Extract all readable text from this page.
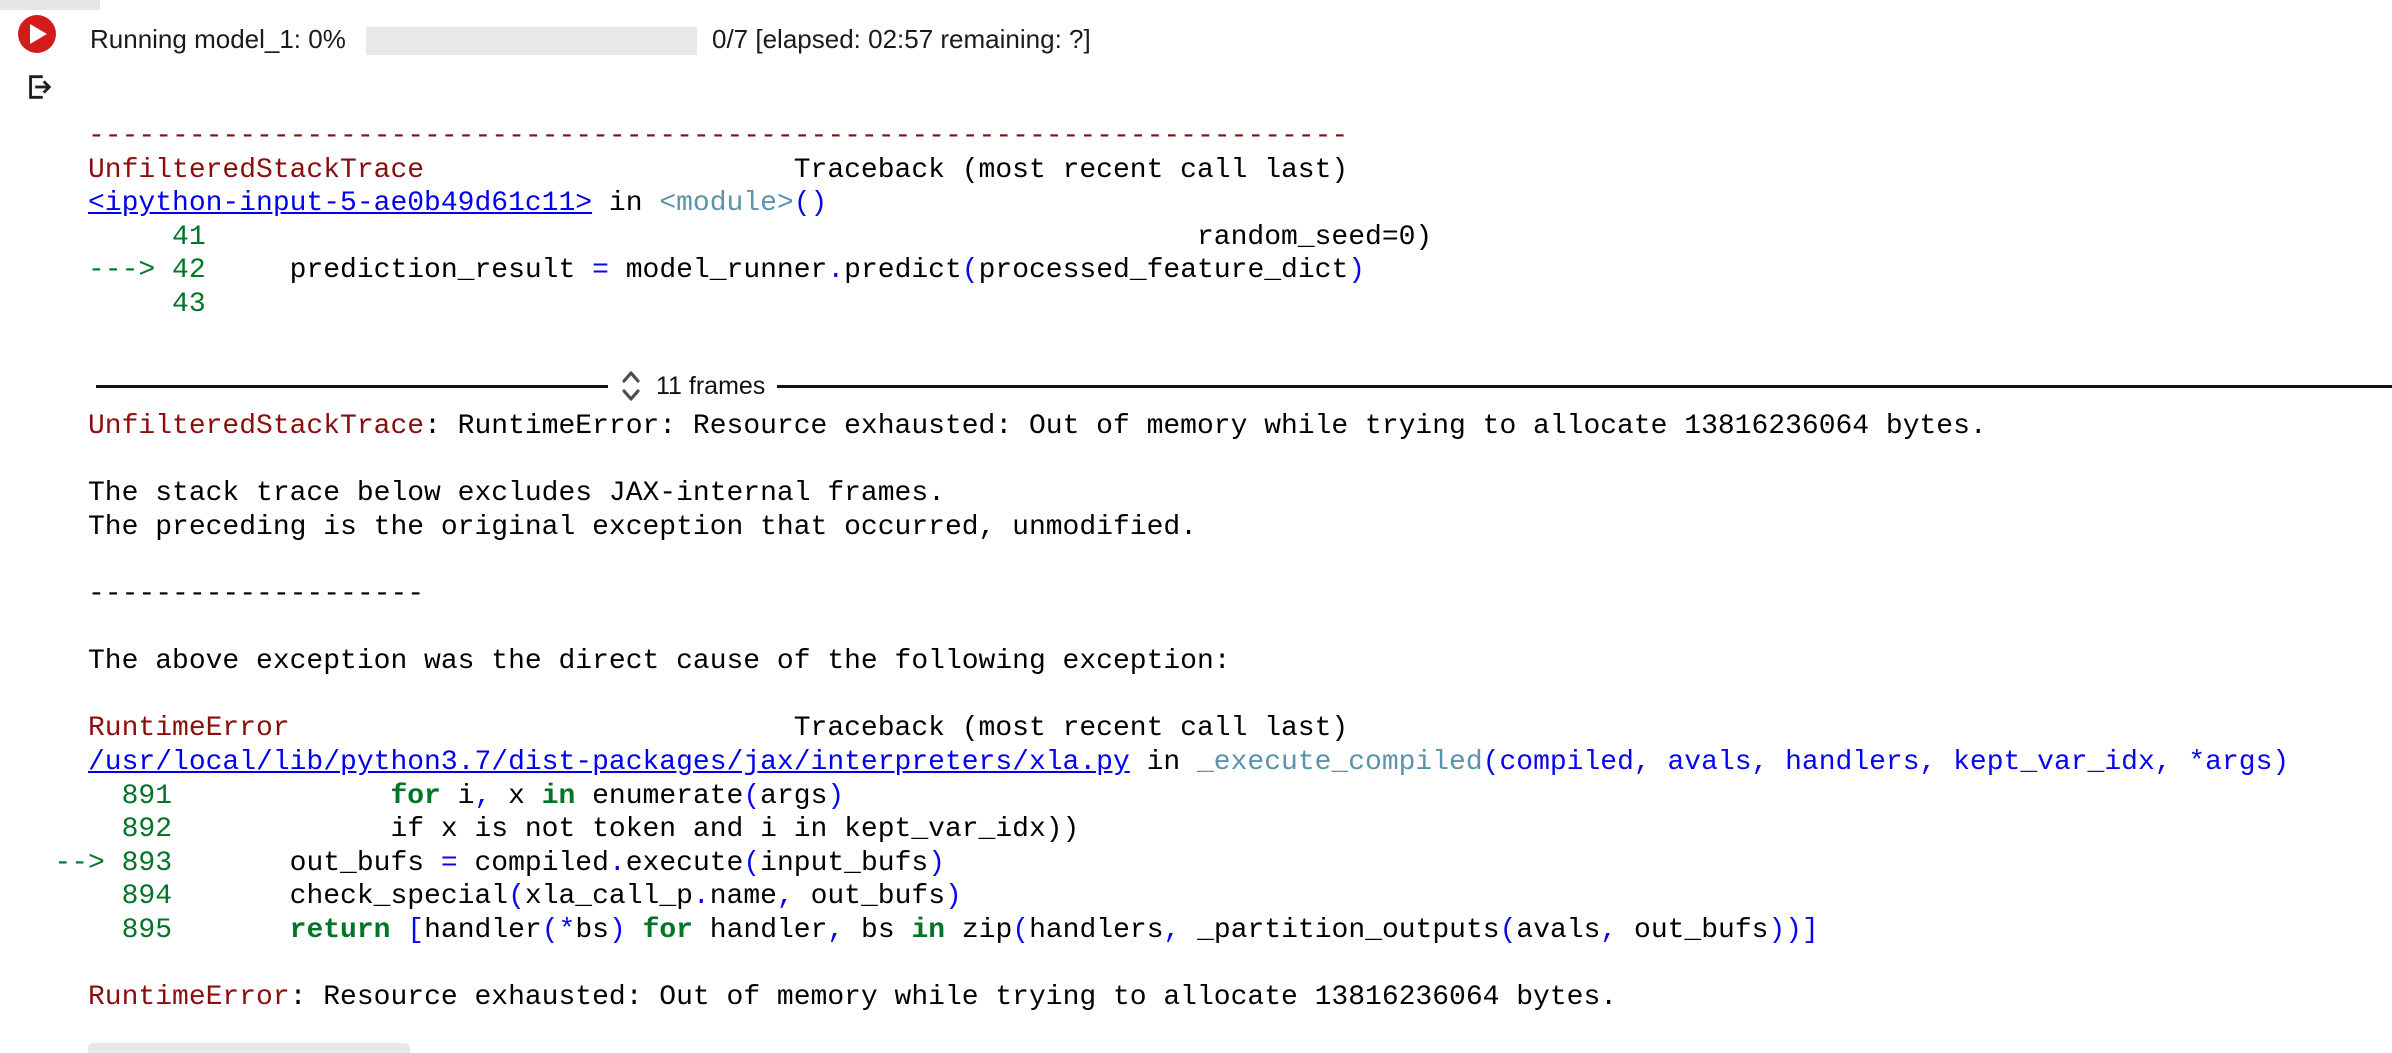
Running model_1: 0%	0/7 [elapsed: 02:57 remaining: ?]
---------------------------------------------------------------------------
UnfilteredStackTrace                      Traceback (most recent call last)
<ipython-input-5-ae0b49d61c11> in <module>()
41                                                           random_seed=0)
---> 42     prediction_result = model_runner.predict(processed_feature_dict)
43
11 frames
UnfilteredStackTrace: RuntimeError: Resource exhausted: Out of memory while trying to allocate 13816236064 bytes.

The stack trace below excludes JAX-internal frames.
The preceding is the original exception that occurred, unmodified.

--------------------

The above exception was the direct cause of the following exception:

RuntimeError                              Traceback (most recent call last)
/usr/local/lib/python3.7/dist-packages/jax/interpreters/xla.py in _execute_compiled(compiled, avals, handlers, kept_var_idx, *args)
891	for i, x in enumerate(args)
892             if x is not token and i in kept_var_idx))
--> 893       out_bufs = compiled.execute(input_bufs)
894       check_special(xla_call_p.name, out_bufs)
895	return [handler(*bs) for handler, bs in zip(handlers, _partition_outputs(avals, out_bufs))]

RuntimeError: Resource exhausted: Out of memory while trying to allocate 13816236064 bytes.
